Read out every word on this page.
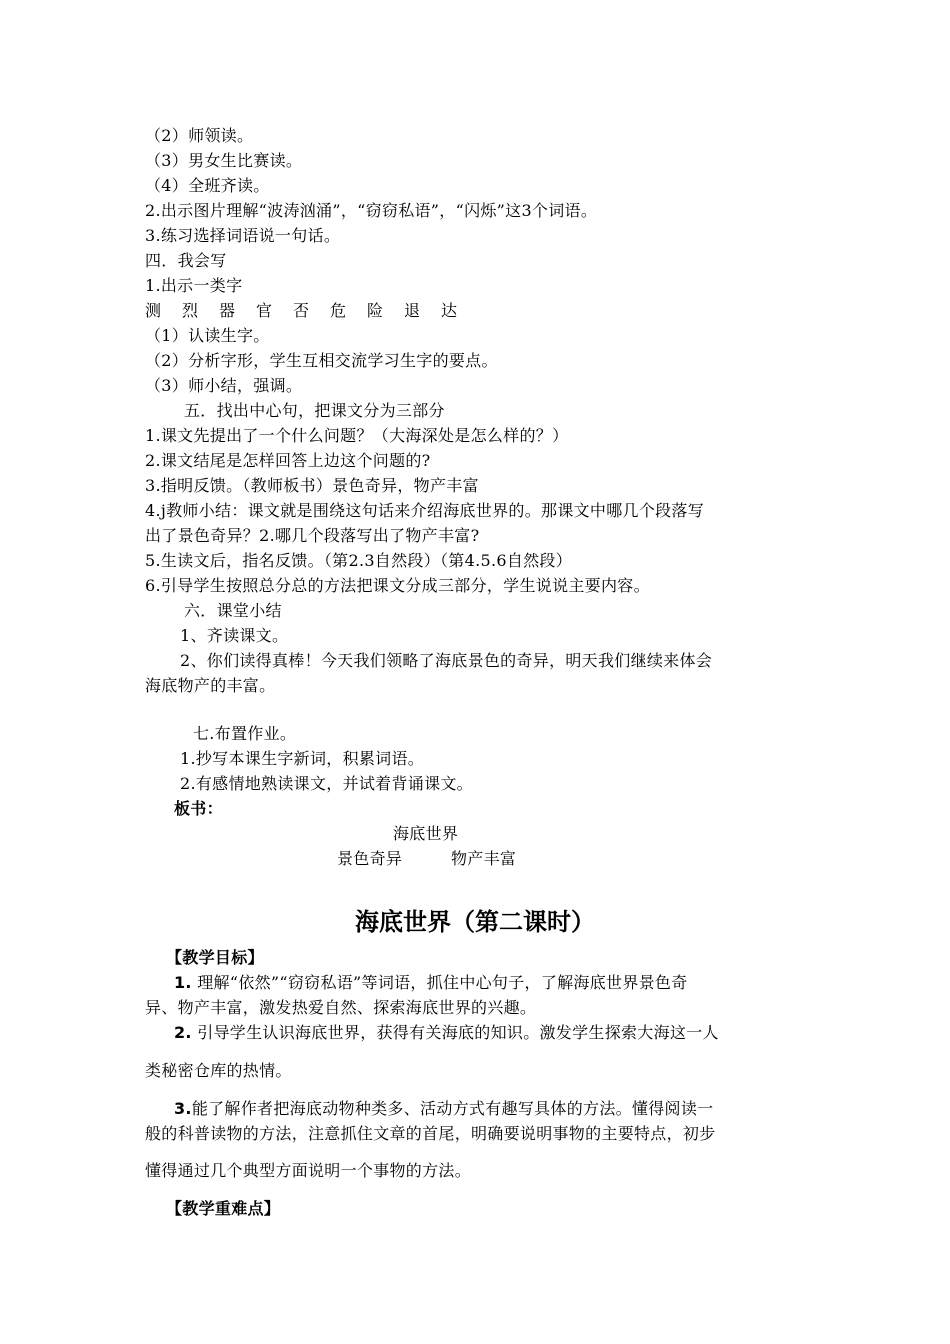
（2）师领读。
（3）男女生比赛读。
（4）全班齐读。
2.出示图片理解“波涛汹涌”，“窃窃私语”，“闪烁”这3个词语。
3.练习选择词语说一句话。
四．我会写
1.出示一类字
测 烈 器 官 否 危 险 退 达
（1）认读生字。
（2）分析字形，学生互相交流学习生字的要点。
（3）师小结，强调。
五．找出中心句，把课文分为三部分
1.课文先提出了一个什么问题？（大海深处是怎么样的？）
2.课文结尾是怎样回答上边这个问题的?
3.指明反馈。（教师板书）景色奇异，物产丰富
4.j教师小结：课文就是围绕这句话来介绍海底世界的。那课文中哪几个段落写
出了景色奇异？2.哪几个段落写出了物产丰富?
5.生读文后，指名反馈。（第2.3自然段）（第4.5.6自然段）
6.引导学生按照总分总的方法把课文分成三部分，学生说说主要内容。
六．课堂小结
1、齐读课文。
2、你们读得真棒！今天我们领略了海底景色的奇异，明天我们继续来体会
海底物产的丰富。
七.布置作业。
1.抄写本课生字新词，积累词语。
2.有感情地熟读课文，并试着背诵课文。
板书：
海底世界
景色奇异	物产丰富
海底世界（第二课时）
【教学目标】
1. 理解“依然”“窃窃私语”等词语，抓住中心句子，了解海底世界景色奇
异、物产丰富，激发热爱自然、探索海底世界的兴趣。
2. 引导学生认识海底世界，获得有关海底的知识。激发学生探索大海这一人
类秘密仓库的热情。
3.能了解作者把海底动物种类多、活动方式有趣写具体的方法。懂得阅读一
般的科普读物的方法，注意抓住文章的首尾，明确要说明事物的主要特点，初步
懂得通过几个典型方面说明一个事物的方法。
【教学重难点】
